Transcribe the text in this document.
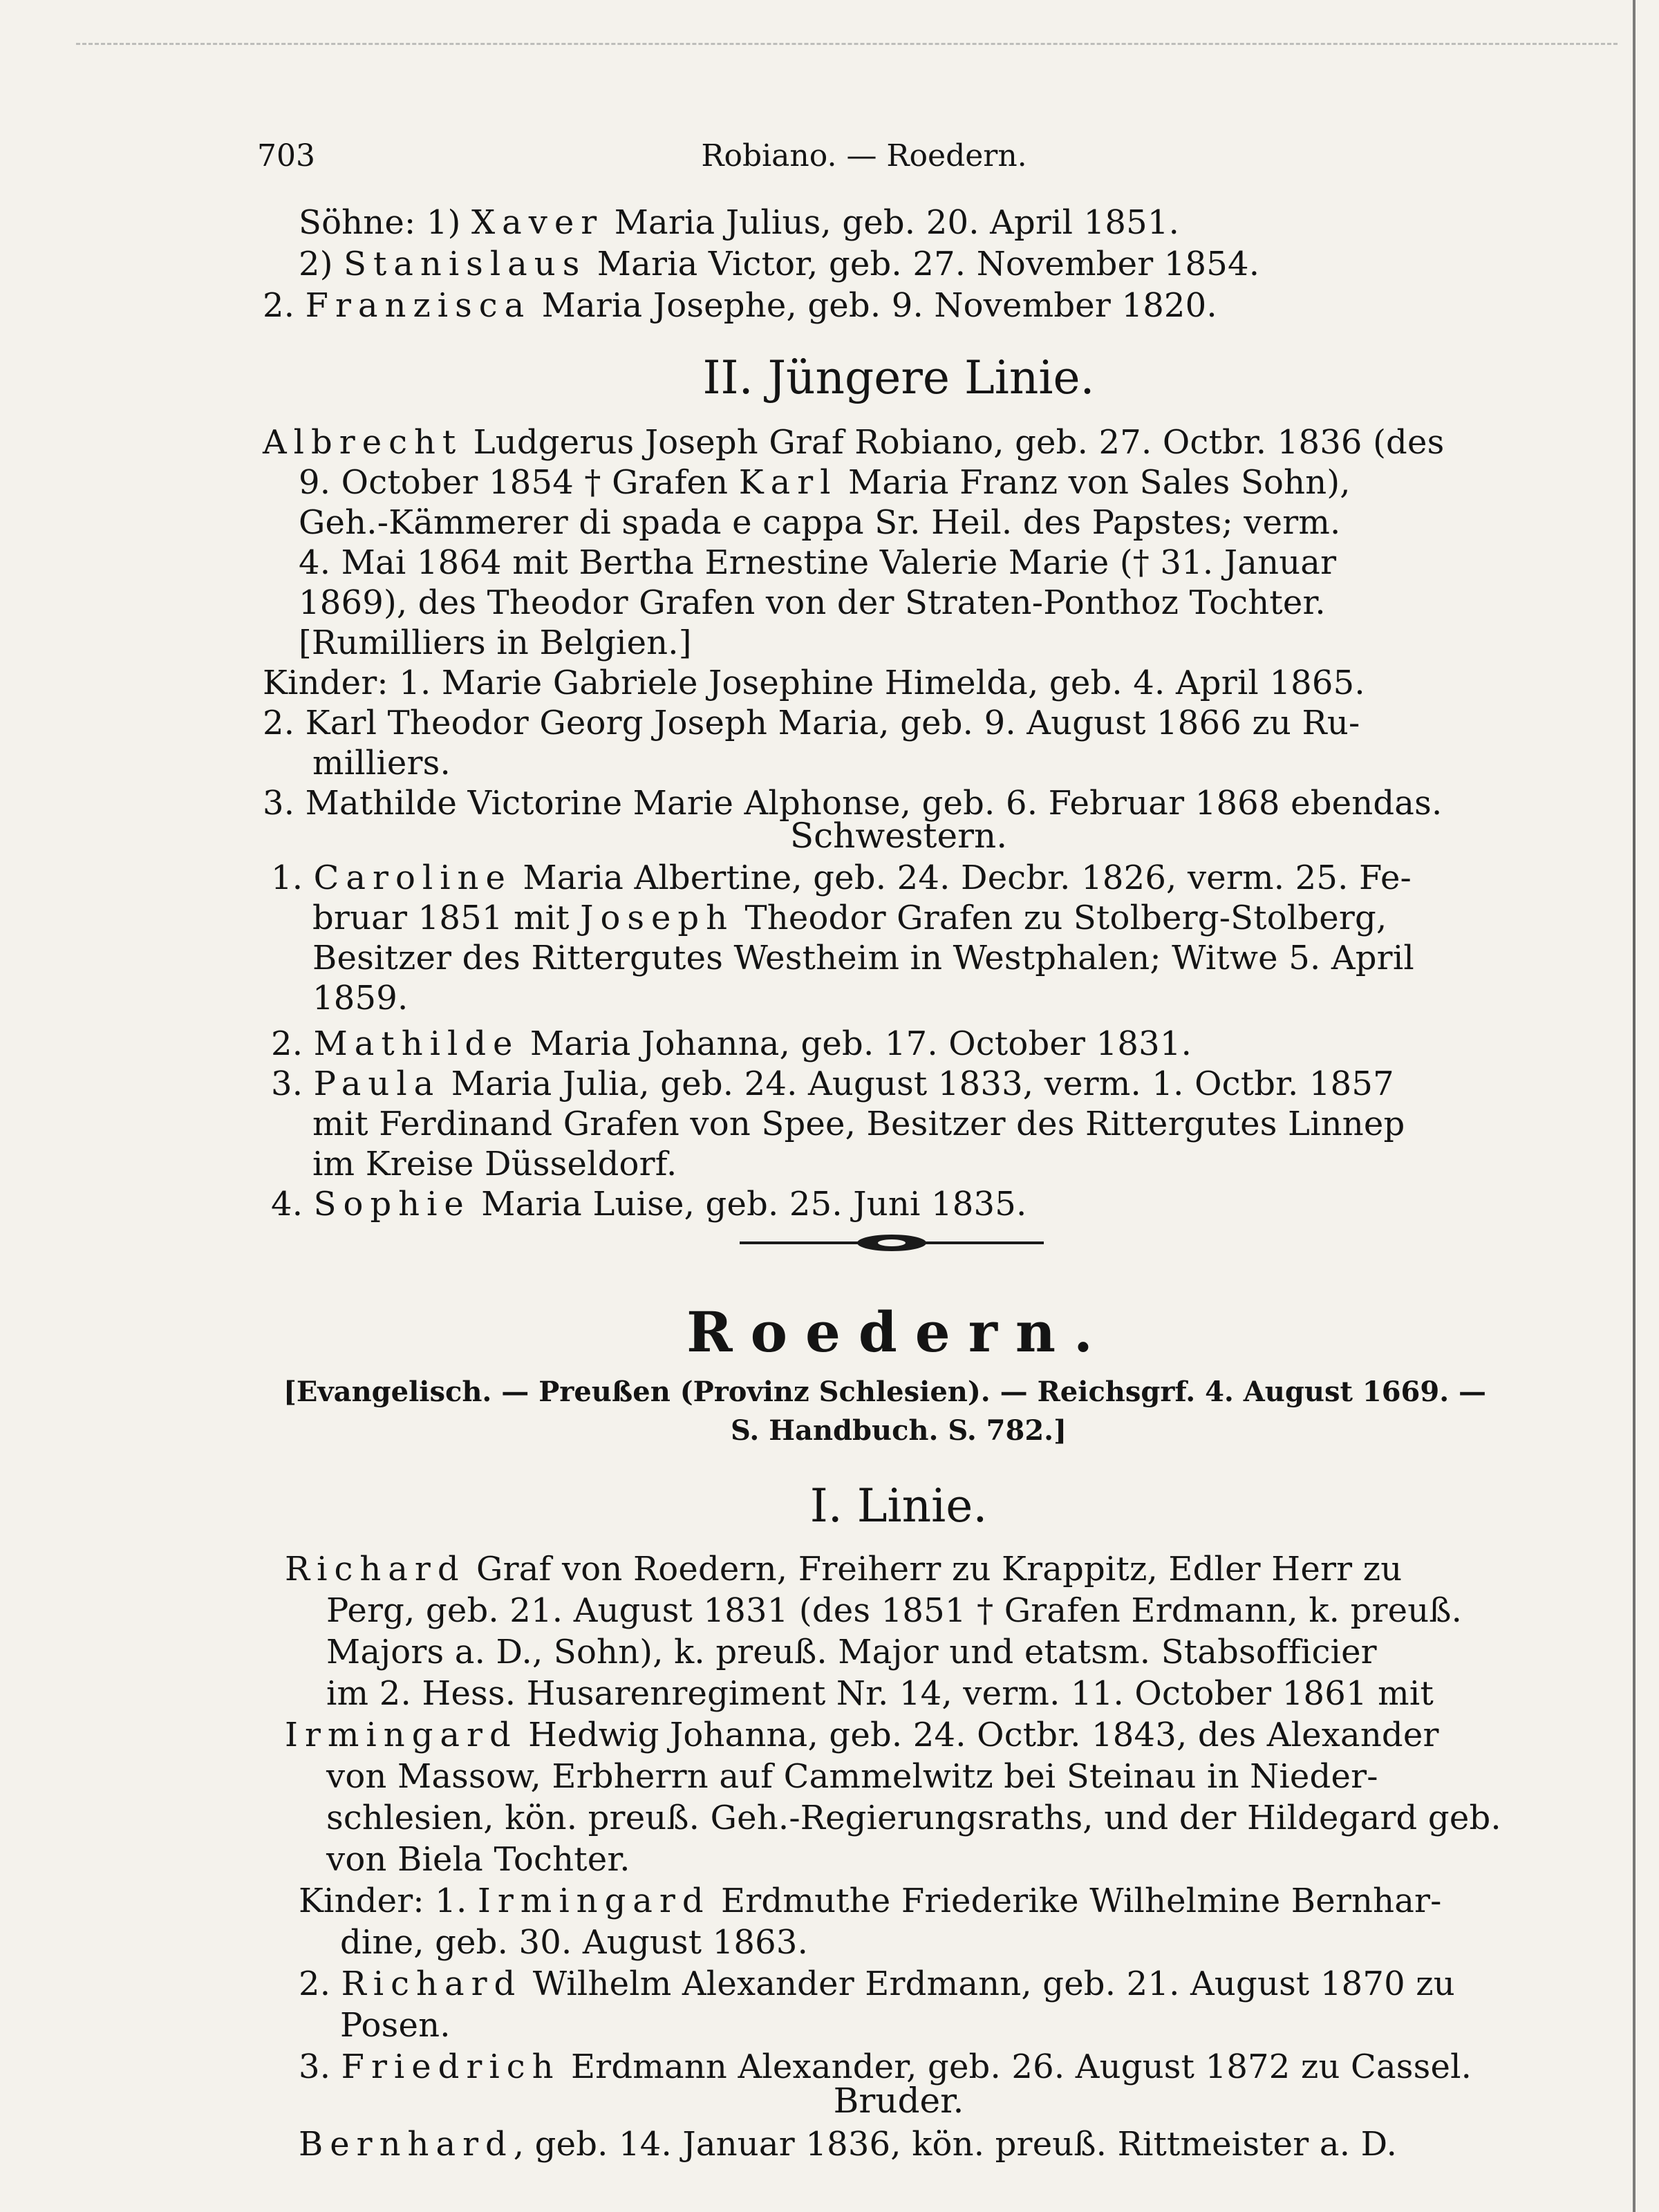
703	Robiano. — Roedern.
Söhne: 1) Xaver Maria Julius, geb. 20. April 1851.
2) Stanislaus Maria Victor, geb. 27. November 1854.
2. Franzisca Maria Josephe, geb. 9. November 1820.
II. Jüngere Linie.
Albrecht Ludgerus Joseph Graf Robiano, geb. 27. Octbr. 1836 (des
9. October 1854 † Grafen Karl Maria Franz von Sales Sohn),
Geh.-Kämmerer di spada e cappa Sr. Heil. des Papstes; verm.
4. Mai 1864 mit Bertha Ernestine Valerie Marie († 31. Januar
1869), des Theodor Grafen von der Straten-Ponthoz Tochter.
[Rumilliers in Belgien.]
Kinder: 1. Marie Gabriele Josephine Himelda, geb. 4. April 1865.
2. Karl Theodor Georg Joseph Maria, geb. 9. August 1866 zu Ru-
milliers.
3. Mathilde Victorine Marie Alphonse, geb. 6. Februar 1868 ebendas.
Schwestern.
1. Caroline Maria Albertine, geb. 24. Decbr. 1826, verm. 25. Fe-
bruar 1851 mit Joseph Theodor Grafen zu Stolberg-Stolberg,
Besitzer des Rittergutes Westheim in Westphalen; Witwe 5. April
1859.
2. Mathilde Maria Johanna, geb. 17. October 1831.
3. Paula Maria Julia, geb. 24. August 1833, verm. 1. Octbr. 1857
mit Ferdinand Grafen von Spee, Besitzer des Rittergutes Linnep
im Kreise Düsseldorf.
4. Sophie Maria Luise, geb. 25. Juni 1835.
Roedern.
[Evangelisch. — Preußen (Provinz Schlesien). — Reichsgrf. 4. August 1669. —
S. Handbuch. S. 782.]
I. Linie.
Richard Graf von Roedern, Freiherr zu Krappitz, Edler Herr zu
Perg, geb. 21. August 1831 (des 1851 † Grafen Erdmann, k. preuß.
Majors a. D., Sohn), k. preuß. Major und etatsm. Stabsofficier
im 2. Hess. Husarenregiment Nr. 14, verm. 11. October 1861 mit
Irmingard Hedwig Johanna, geb. 24. Octbr. 1843, des Alexander
von Massow, Erbherrn auf Cammelwitz bei Steinau in Nieder-
schlesien, kön. preuß. Geh.-Regierungsraths, und der Hildegard geb.
von Biela Tochter.
Kinder: 1. Irmingard Erdmuthe Friederike Wilhelmine Bernhar-
dine, geb. 30. August 1863.
2. Richard Wilhelm Alexander Erdmann, geb. 21. August 1870 zu
Posen.
3. Friedrich Erdmann Alexander, geb. 26. August 1872 zu Cassel.
Bruder.
Bernhard, geb. 14. Januar 1836, kön. preuß. Rittmeister a. D.
